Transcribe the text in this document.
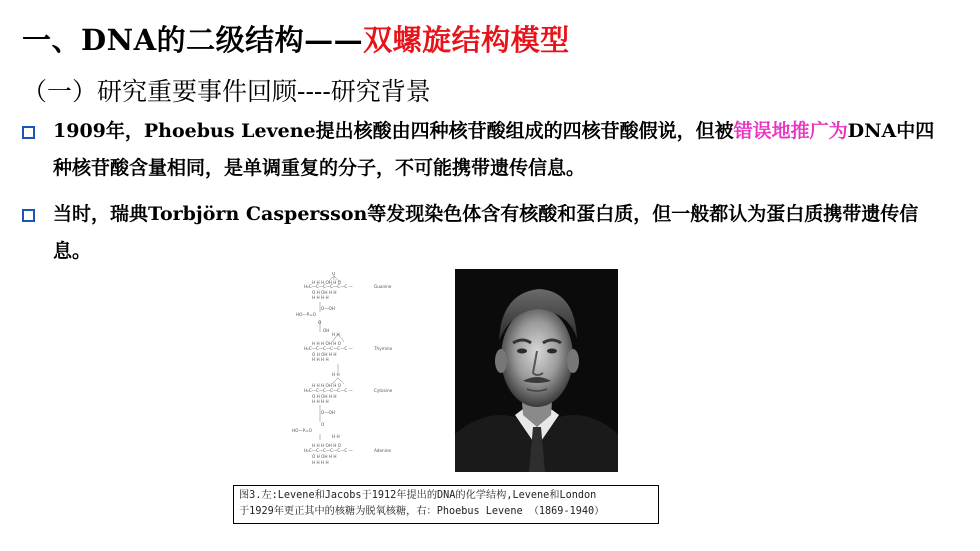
一、DNA的二级结构——双螺旋结构模型
（一）研究重要事件回顾----研究背景
1909年，Phoebus Levene提出核酸由四种核苷酸组成的四核苷酸假说，但被错误地推广为DNA中四种核苷酸含量相同，是单调重复的分子，不可能携带遗传信息。
当时，瑞典Torbjörn Caspersson等发现染色体含有核酸和蛋白质，但一般都认为蛋白质携带遗传信息。
O
H₂C—C—C—C—C—C —
H H H OH H O
O H OH H H
H H H H
Guanine
HO—P=O
O—OH
O
OH
H H
H₂C—C—C—C—C—C —
H H H OH H O
O H OH H H
H H H H
Thymine
H H
H₂C—C—C—C—C—C —
H H H OH H O
O H OH H H
H H H H
Cytosine
O—OH
HO—P=O
O
H H
H₂C—C—C—C—C—C —
H H H OH H O
O H OH H H
H H H H
Adenine
图3.左:Levene和Jacobs于1912年提出的DNA的化学结构,Levene和London
于1929年更正其中的核糖为脱氧核糖，右：Phoebus Levene （1869-1940）
